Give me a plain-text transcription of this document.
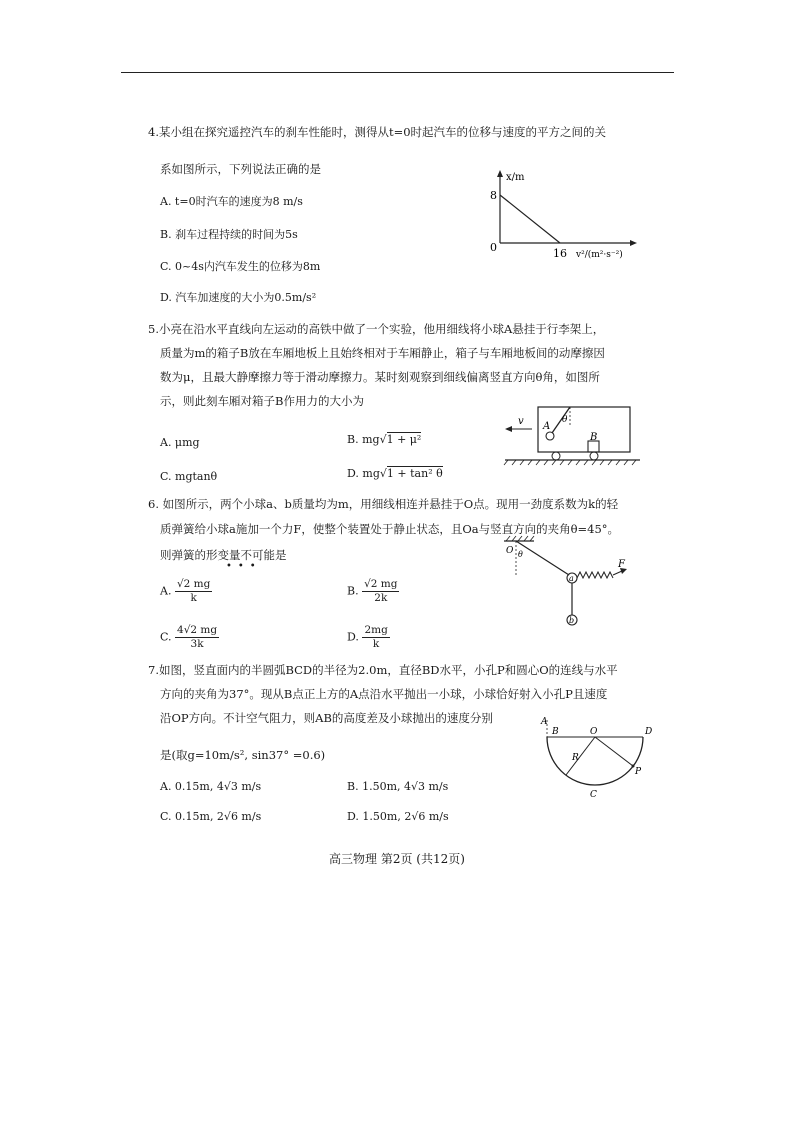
4.某小组在探究遥控汽车的刹车性能时，测得从t=0时起汽车的位移与速度的平方之间的关
系如图所示，下列说法正确的是
A. t=0时汽车的速度为8 m/s
B. 刹车过程持续的时间为5s
C. 0~4s内汽车发生的位移为8m
D. 汽车加速度的大小为0.5m/s²
x/m
8
0	16 v²/(m²·s⁻²)
5.小亮在沿水平直线向左运动的高铁中做了一个实验，他用细线将小球A悬挂于行李架上，
质量为m的箱子B放在车厢地板上且始终相对于车厢静止，箱子与车厢地板间的动摩擦因
数为μ，且最大静摩擦力等于滑动摩擦力。某时刻观察到细线偏离竖直方向θ角，如图所
示，则此刻车厢对箱子B作用力的大小为
A. μmg	B. mg√1 + μ²
C. mgtanθ	D. mg√1 + tan² θ
v A
B
θ
6. 如图所示，两个小球a、b质量均为m，用细线相连并悬挂于O点。现用一劲度系数为k的轻
质弹簧给小球a施加一个力F，使整个装置处于静止状态，且Oa与竖直方向的夹角θ=45°。
则弹簧的形变量不可能是
•••
A. $\frac{√2 mg}{k}$	B. $\frac{√2 mg}{2k}$
C. $\frac{4√2 mg}{3k}$	D. $\frac{2mg}{k}$
O θ
a
b
F
7.如图，竖直面内的半圆弧BCD的半径为2.0m，直径BD水平，小孔P和圆心O的连线与水平
方向的夹角为37°。现从B点正上方的A点沿水平抛出一小球，小球恰好射入小孔P且速度
沿OP方向。不计空气阻力，则AB的高度差及小球抛出的速度分别
是(取g=10m/s², sin37° =0.6)
A. 0.15m, 4√3 m/s	B. 1.50m, 4√3 m/s
C. 0.15m, 2√6 m/s	D. 1.50m, 2√6 m/s
A
B	O	D
R
P
C
高三物理 第2页 (共12页)
